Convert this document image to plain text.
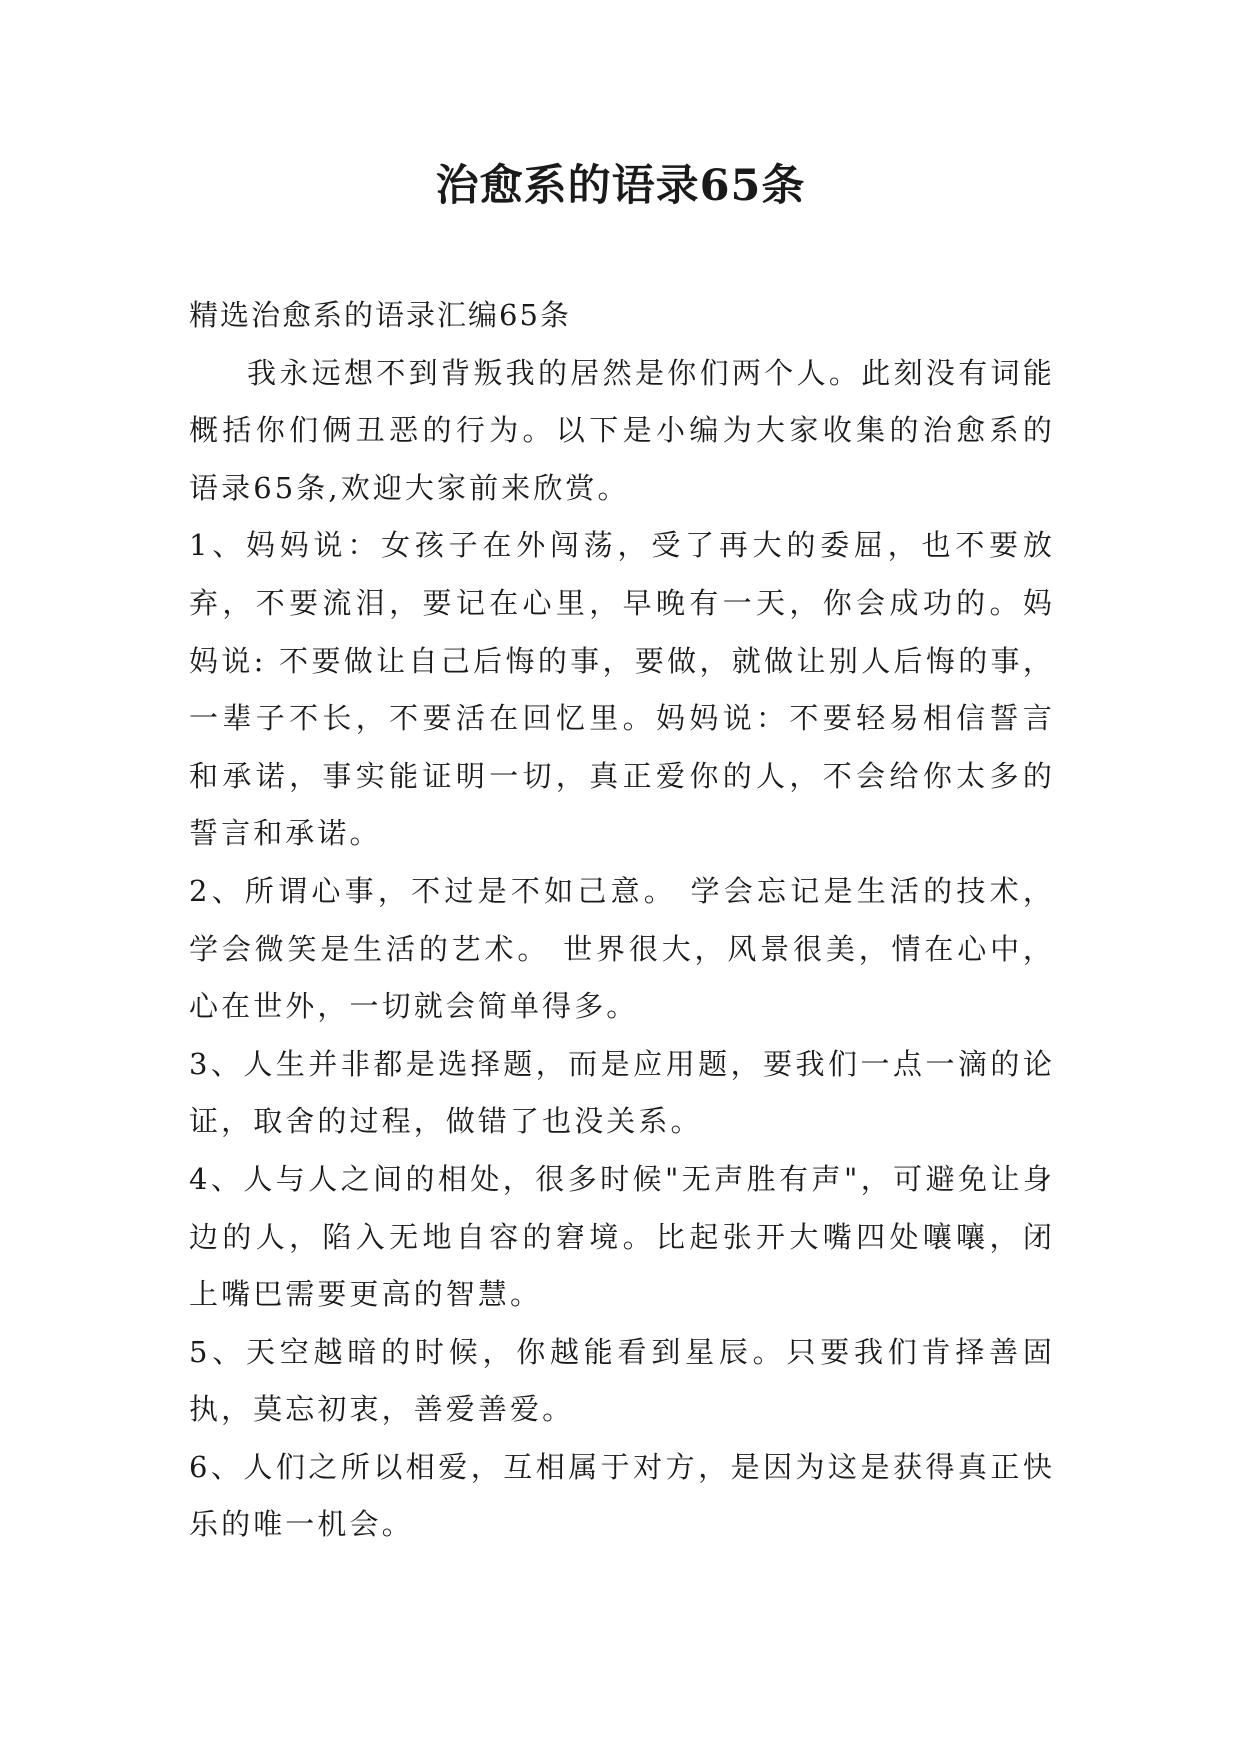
治愈系的语录65条

精选治愈系的语录汇编65条

我永远想不到背叛我的居然是你们两个人。此刻没有词能概括你们俩丑恶的行为。以下是小编为大家收集的治愈系的语录65条,欢迎大家前来欣赏。

1、妈妈说：女孩子在外闯荡，受了再大的委屈，也不要放弃，不要流泪，要记在心里，早晚有一天，你会成功的。妈妈说: 不要做让自己后悔的事，要做，就做让别人后悔的事，一辈子不长，不要活在回忆里。妈妈说：不要轻易相信誓言和承诺，事实能证明一切，真正爱你的人，不会给你太多的誓言和承诺。

2、所谓心事，不过是不如己意。 学会忘记是生活的技术，学会微笑是生活的艺术。 世界很大，风景很美，情在心中，心在世外，一切就会简单得多。

3、人生并非都是选择题，而是应用题，要我们一点一滴的论证，取舍的过程，做错了也没关系。

4、人与人之间的相处，很多时候"无声胜有声"，可避免让身边的人，陷入无地自容的窘境。比起张开大嘴四处嚷嚷，闭上嘴巴需要更高的智慧。

5、天空越暗的时候，你越能看到星辰。只要我们肯择善固执，莫忘初衷，善爱善爱。

6、人们之所以相爱，互相属于对方，是因为这是获得真正快乐的唯一机会。
